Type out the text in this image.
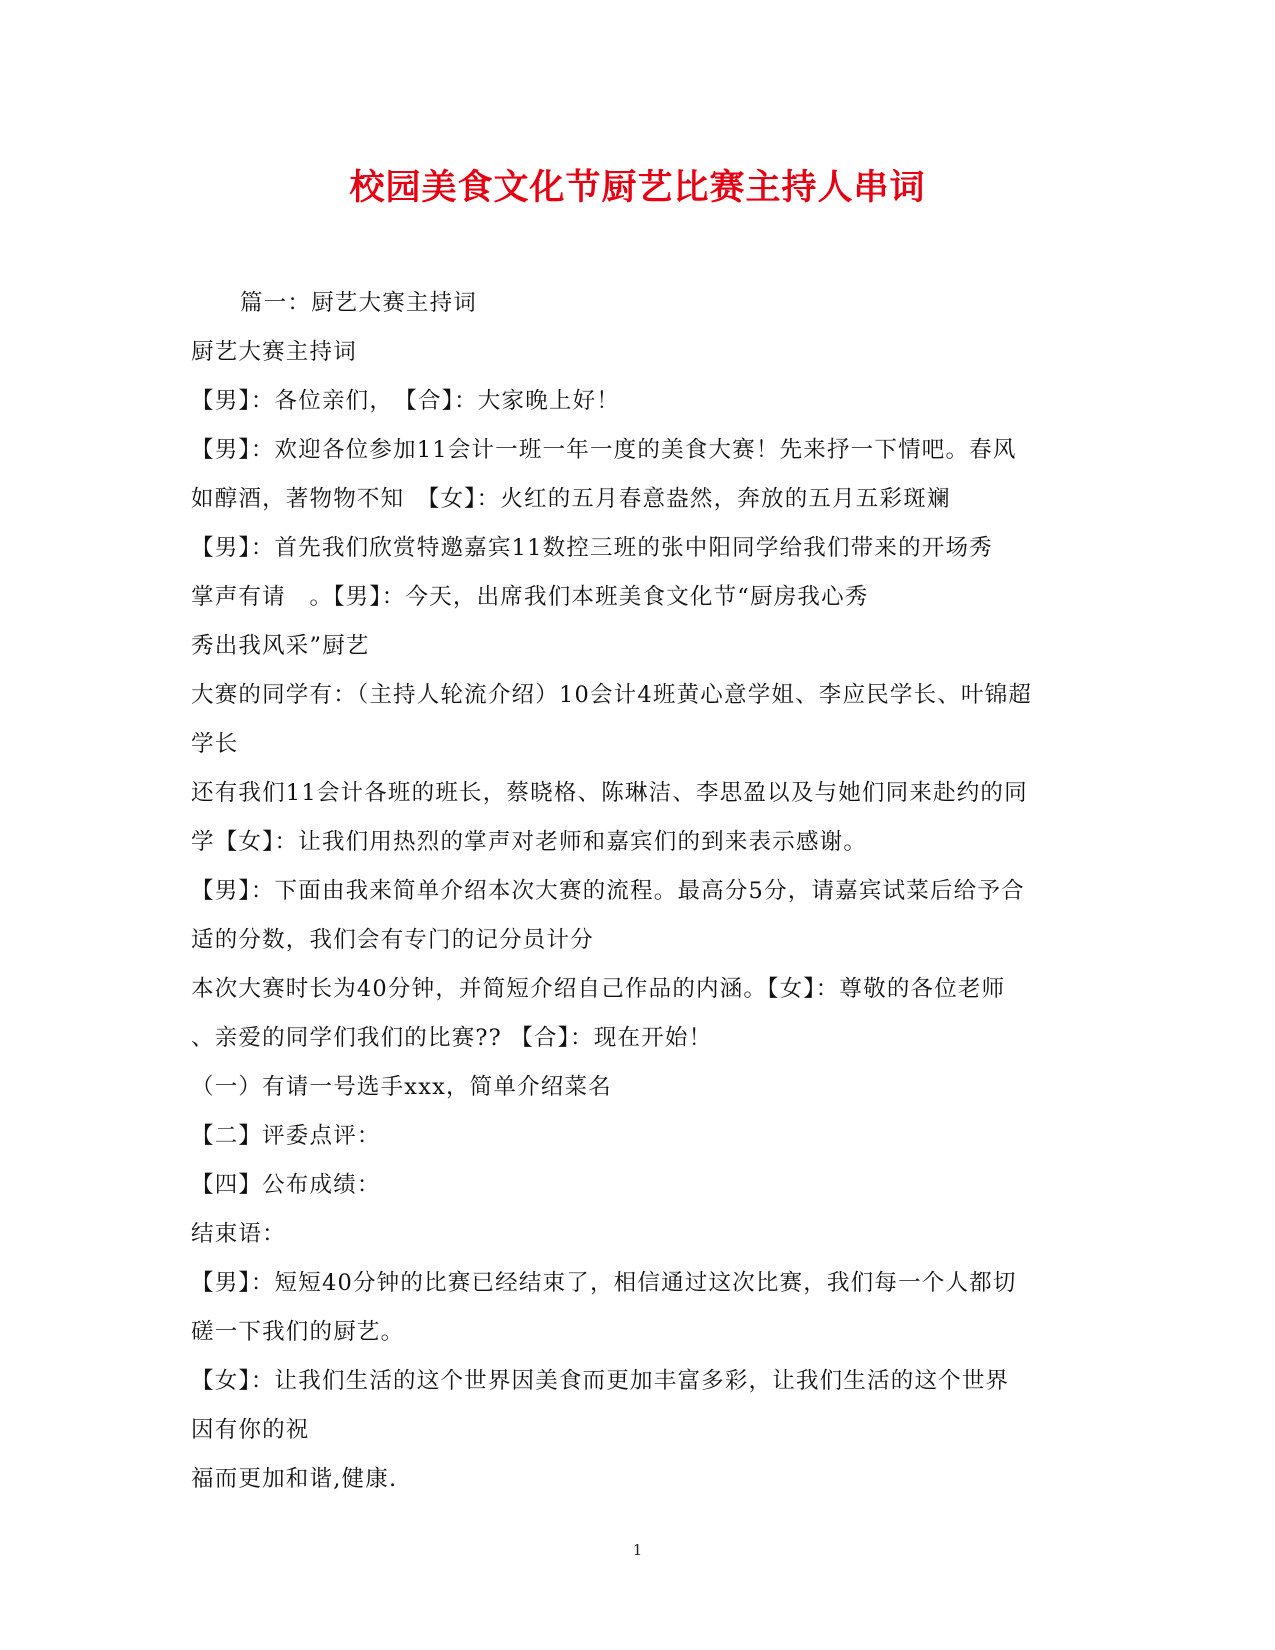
校园美食文化节厨艺比赛主持人串词
篇一：厨艺大赛主持词
厨艺大赛主持词
【男】：各位亲们，　【合】：大家晚上好！
【男】：欢迎各位参加11会计一班一年一度的美食大赛！先来抒一下情吧。春风
如醇酒，著物物不知　【女】：火红的五月春意盎然，奔放的五月五彩斑斓
【男】：首先我们欣赏特邀嘉宾11数控三班的张中阳同学给我们带来的开场秀
掌声有请　。【男】：今天，出席我们本班美食文化节“厨房我心秀
秀出我风采”厨艺
大赛的同学有：（主持人轮流介绍）10会计4班黄心意学姐、李应民学长、叶锦超
学长
还有我们11会计各班的班长，蔡晓格、陈琳洁、李思盈以及与她们同来赴约的同
学【女】：让我们用热烈的掌声对老师和嘉宾们的到来表示感谢。
【男】：下面由我来简单介绍本次大赛的流程。最高分5分，请嘉宾试菜后给予合
适的分数，我们会有专门的记分员计分
本次大赛时长为40分钟，并简短介绍自己作品的内涵。【女】：尊敬的各位老师
、亲爱的同学们我们的比赛?? 【合】：现在开始！
（一）有请一号选手xxx，简单介绍菜名
【二】评委点评：
【四】公布成绩：
结束语：
【男】：短短40分钟的比赛已经结束了，相信通过这次比赛，我们每一个人都切
磋一下我们的厨艺。
【女】：让我们生活的这个世界因美食而更加丰富多彩，让我们生活的这个世界
因有你的祝
福而更加和谐,健康.
1
